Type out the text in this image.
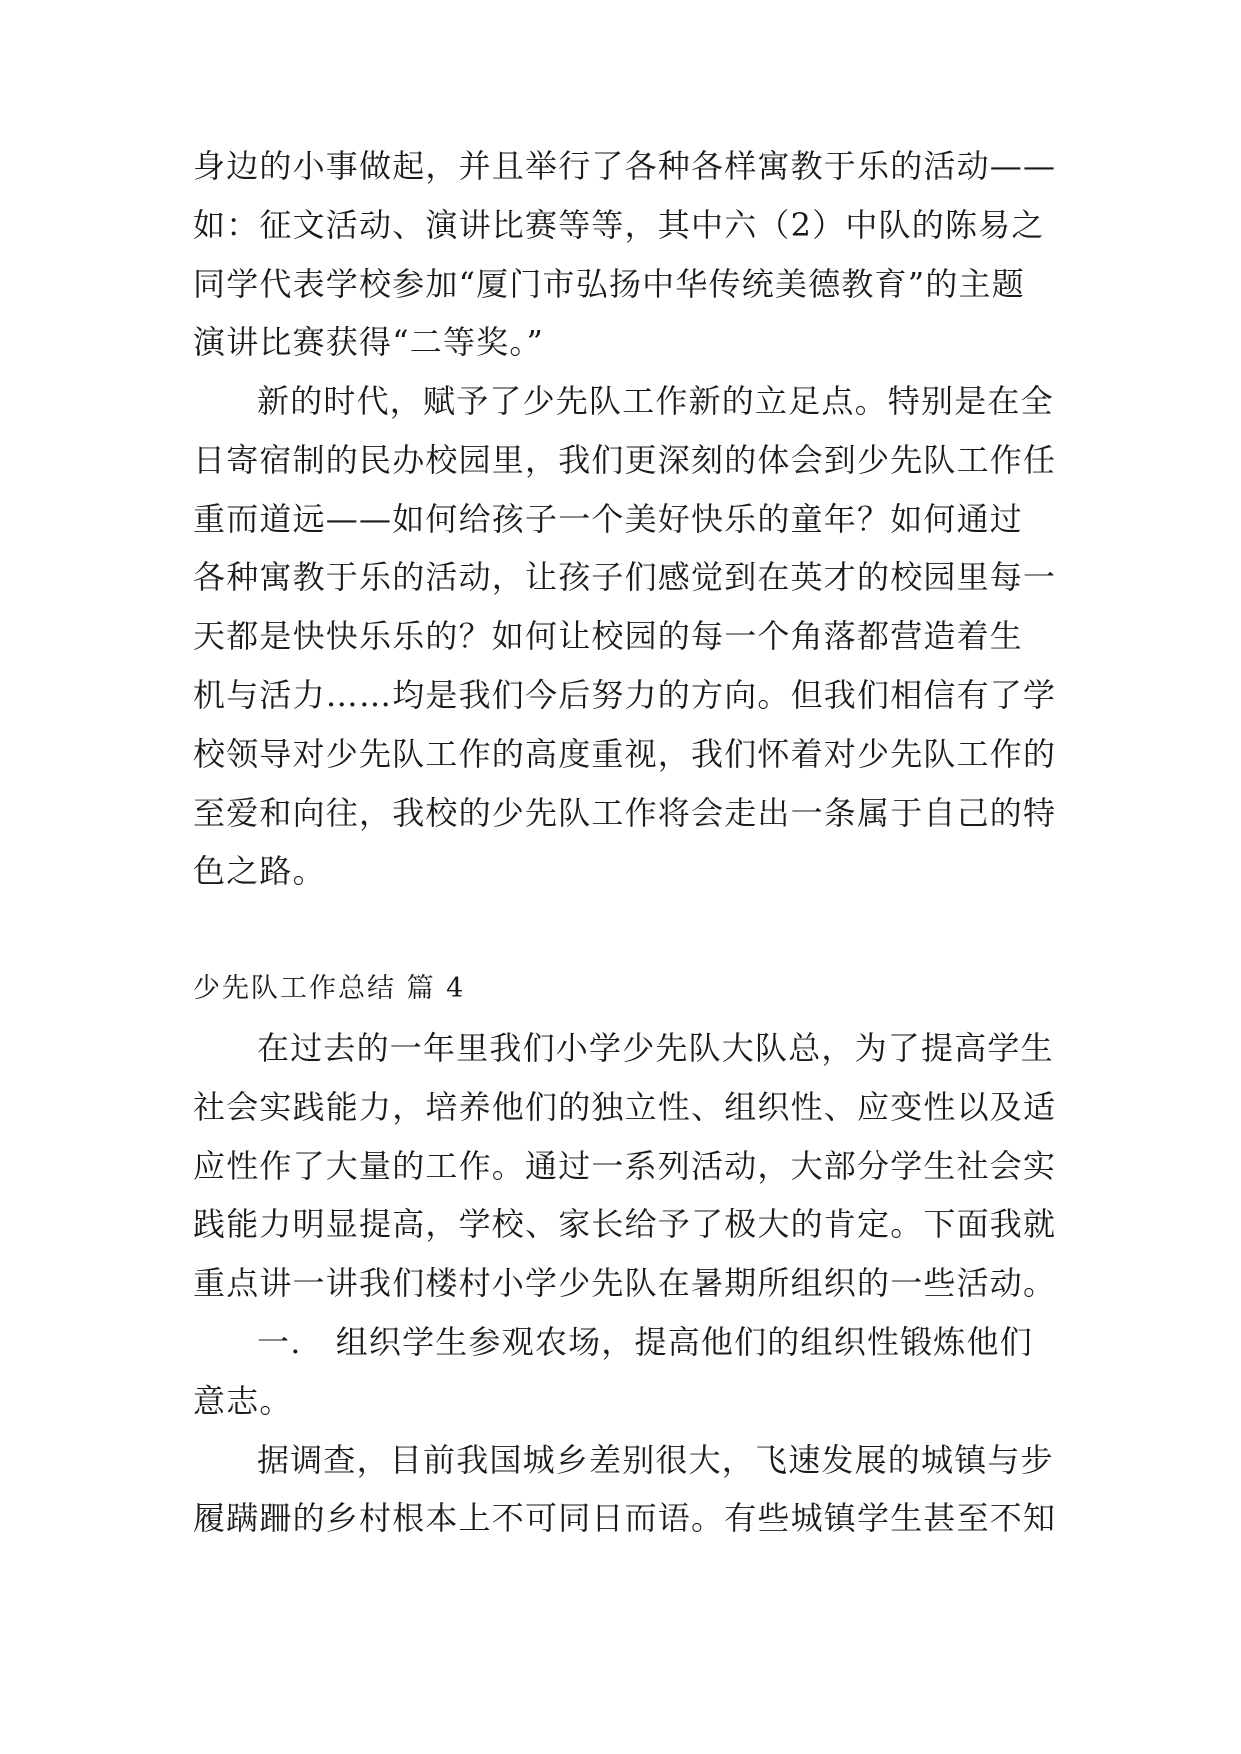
身边的小事做起，并且举行了各种各样寓教于乐的活动——
如：征文活动、演讲比赛等等，其中六（2）中队的陈易之
同学代表学校参加“厦门市弘扬中华传统美德教育”的主题
演讲比赛获得“二等奖。”
新的时代，赋予了少先队工作新的立足点。特别是在全
日寄宿制的民办校园里，我们更深刻的体会到少先队工作任
重而道远——如何给孩子一个美好快乐的童年？如何通过
各种寓教于乐的活动，让孩子们感觉到在英才的校园里每一
天都是快快乐乐的？如何让校园的每一个角落都营造着生
机与活力……均是我们今后努力的方向。但我们相信有了学
校领导对少先队工作的高度重视，我们怀着对少先队工作的
至爱和向往，我校的少先队工作将会走出一条属于自己的特
色之路。
少先队工作总结 篇 4
在过去的一年里我们小学少先队大队总，为了提高学生
社会实践能力，培养他们的独立性、组织性、应变性以及适
应性作了大量的工作。通过一系列活动，大部分学生社会实
践能力明显提高，学校、家长给予了极大的肯定。下面我就
重点讲一讲我们楼村小学少先队在暑期所组织的一些活动。
一.   组织学生参观农场，提高他们的组织性锻炼他们
意志。
据调查，目前我国城乡差别很大，飞速发展的城镇与步
履蹒跚的乡村根本上不可同日而语。有些城镇学生甚至不知
